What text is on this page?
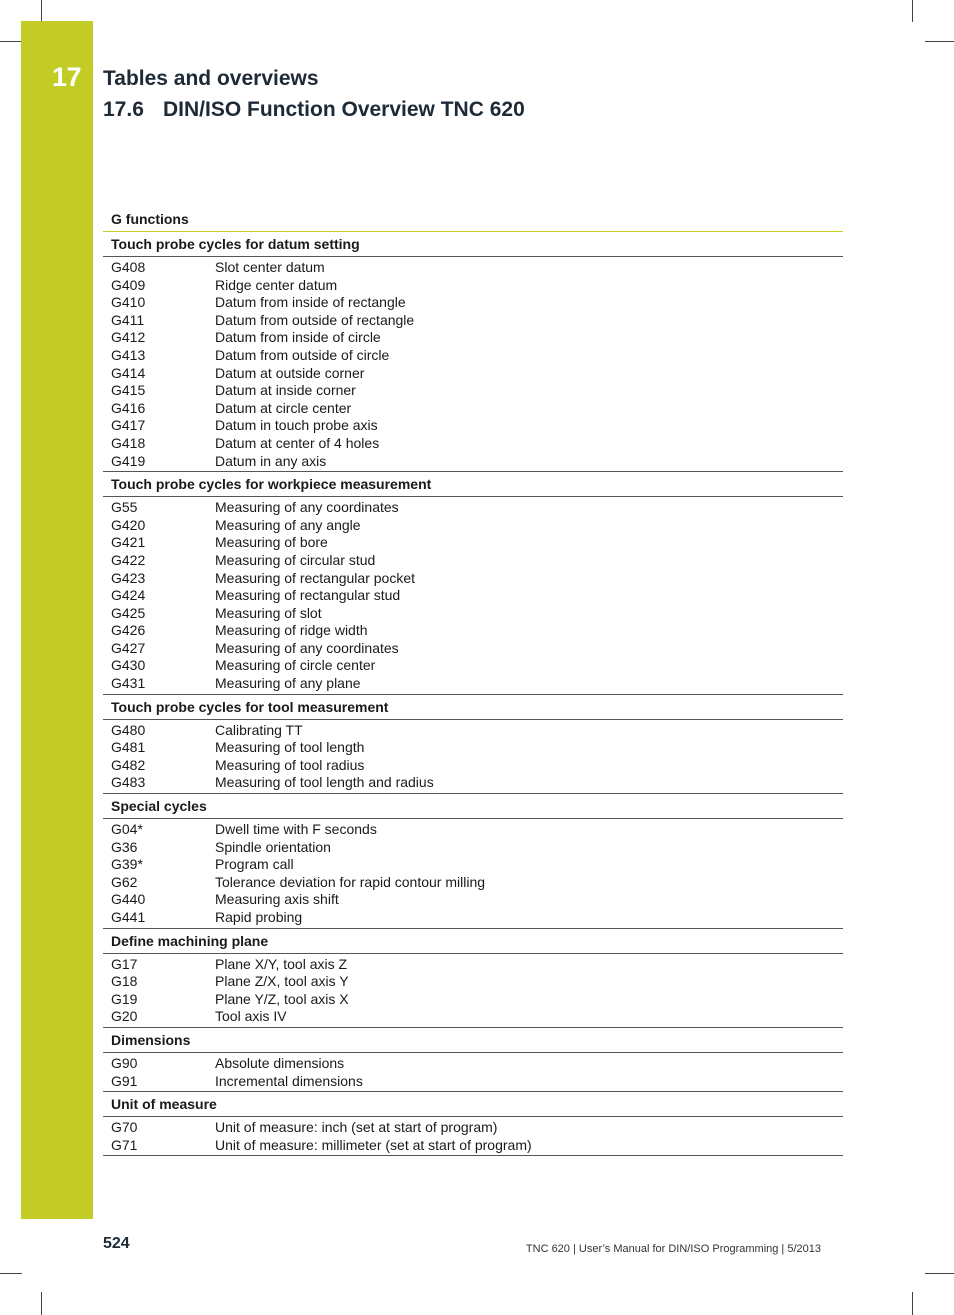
17 Tables and overviews
17.6 DIN/ISO Function Overview TNC 620
G functions
Touch probe cycles for datum setting
G408	Slot center datum
G409	Ridge center datum
G410	Datum from inside of rectangle
G411	Datum from outside of rectangle
G412	Datum from inside of circle
G413	Datum from outside of circle
G414	Datum at outside corner
G415	Datum at inside corner
G416	Datum at circle center
G417	Datum in touch probe axis
G418	Datum at center of 4 holes
G419	Datum in any axis
Touch probe cycles for workpiece measurement
G55	Measuring of any coordinates
G420	Measuring of any angle
G421	Measuring of bore
G422	Measuring of circular stud
G423	Measuring of rectangular pocket
G424	Measuring of rectangular stud
G425	Measuring of slot
G426	Measuring of ridge width
G427	Measuring of any coordinates
G430	Measuring of circle center
G431	Measuring of any plane
Touch probe cycles for tool measurement
G480	Calibrating TT
G481	Measuring of tool length
G482	Measuring of tool radius
G483	Measuring of tool length and radius
Special cycles
G04*	Dwell time with F seconds
G36	Spindle orientation
G39*	Program call
G62	Tolerance deviation for rapid contour milling
G440	Measuring axis shift
G441	Rapid probing
Define machining plane
G17	Plane X/Y, tool axis Z
G18	Plane Z/X, tool axis Y
G19	Plane Y/Z, tool axis X
G20	Tool axis IV
Dimensions
G90	Absolute dimensions
G91	Incremental dimensions
Unit of measure
G70	Unit of measure: inch (set at start of program)
G71	Unit of measure: millimeter (set at start of program)
524	TNC 620 | User’s Manual for DIN/ISO Programming | 5/2013
